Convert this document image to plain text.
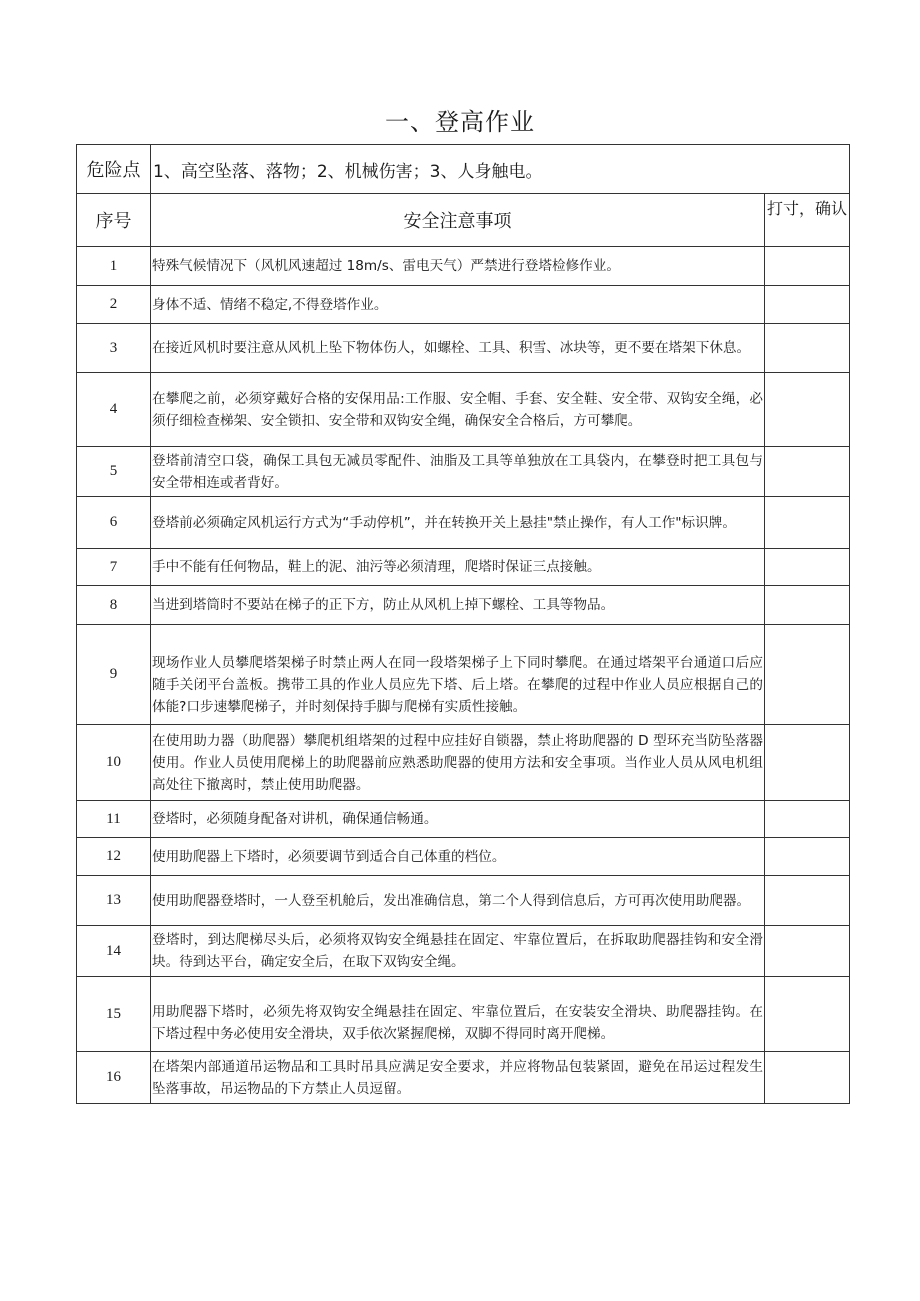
一、登高作业
危险点	1、高空坠落、落物；2、机械伤害；3、人身触电。	
序号	安全注意事项	打寸，确认
1	特殊气候情况下（风机风速超过 18m/s、雷电天气）严禁进行登塔检修作业。	
2	身体不适、情绪不稳定,不得登塔作业。	
3	在接近风机时要注意从风机上坠下物体伤人，如螺栓、工具、积雪、冰块等，更不要在塔架下休息。	
4	在攀爬之前，必须穿戴好合格的安保用品:工作服、安全帽、手套、安全鞋、安全带、双钩安全绳，必须仔细检查梯架、安全锁扣、安全带和双钩安全绳，确保安全合格后，方可攀爬。	
5	登塔前清空口袋，确保工具包无减员零配件、油脂及工具等单独放在工具袋内，在攀登时把工具包与安全带相连或者背好。	
6	登塔前必须确定风机运行方式为“手动停机”，并在转换开关上悬挂"禁止操作，有人工作"标识牌。	
7	手中不能有任何物品，鞋上的泥、油污等必须清理，爬塔时保证三点接触。	
8	当进到塔筒时不要站在梯子的正下方，防止从风机上掉下螺栓、工具等物品。	
9	现场作业人员攀爬塔架梯子时禁止两人在同一段塔架梯子上下同时攀爬。在通过塔架平台通道口后应随手关闭平台盖板。携带工具的作业人员应先下塔、后上塔。在攀爬的过程中作业人员应根据自己的体能?口步速攀爬梯子，并时刻保持手脚与爬梯有实质性接触。	
10	在使用助力器（助爬器）攀爬机组塔架的过程中应挂好自锁器，禁止将助爬器的 D 型环充当防坠落器使用。作业人员使用爬梯上的助爬器前应熟悉助爬器的使用方法和安全事项。当作业人员从风电机组高处往下撤离时，禁止使用助爬器。	
11	登塔时，必须随身配备对讲机，确保通信畅通。	
12	使用助爬器上下塔时，必须要调节到适合自己体重的档位。	
13	使用助爬器登塔时，一人登至机舱后，发出准确信息，第二个人得到信息后，方可再次使用助爬器。	
14	登塔时，到达爬梯尽头后，必须将双钩安全绳悬挂在固定、牢靠位置后，在拆取助爬器挂钩和安全滑块。待到达平台，确定安全后，在取下双钩安全绳。	
15	用助爬器下塔时，必须先将双钩安全绳悬挂在固定、牢靠位置后，在安装安全滑块、助爬器挂钩。在下塔过程中务必使用安全滑块，双手依次紧握爬梯，双脚不得同时离开爬梯。	
16	在塔架内部通道吊运物品和工具时吊具应满足安全要求，并应将物品包装紧固，避免在吊运过程发生坠落事故，吊运物品的下方禁止人员逗留。	
